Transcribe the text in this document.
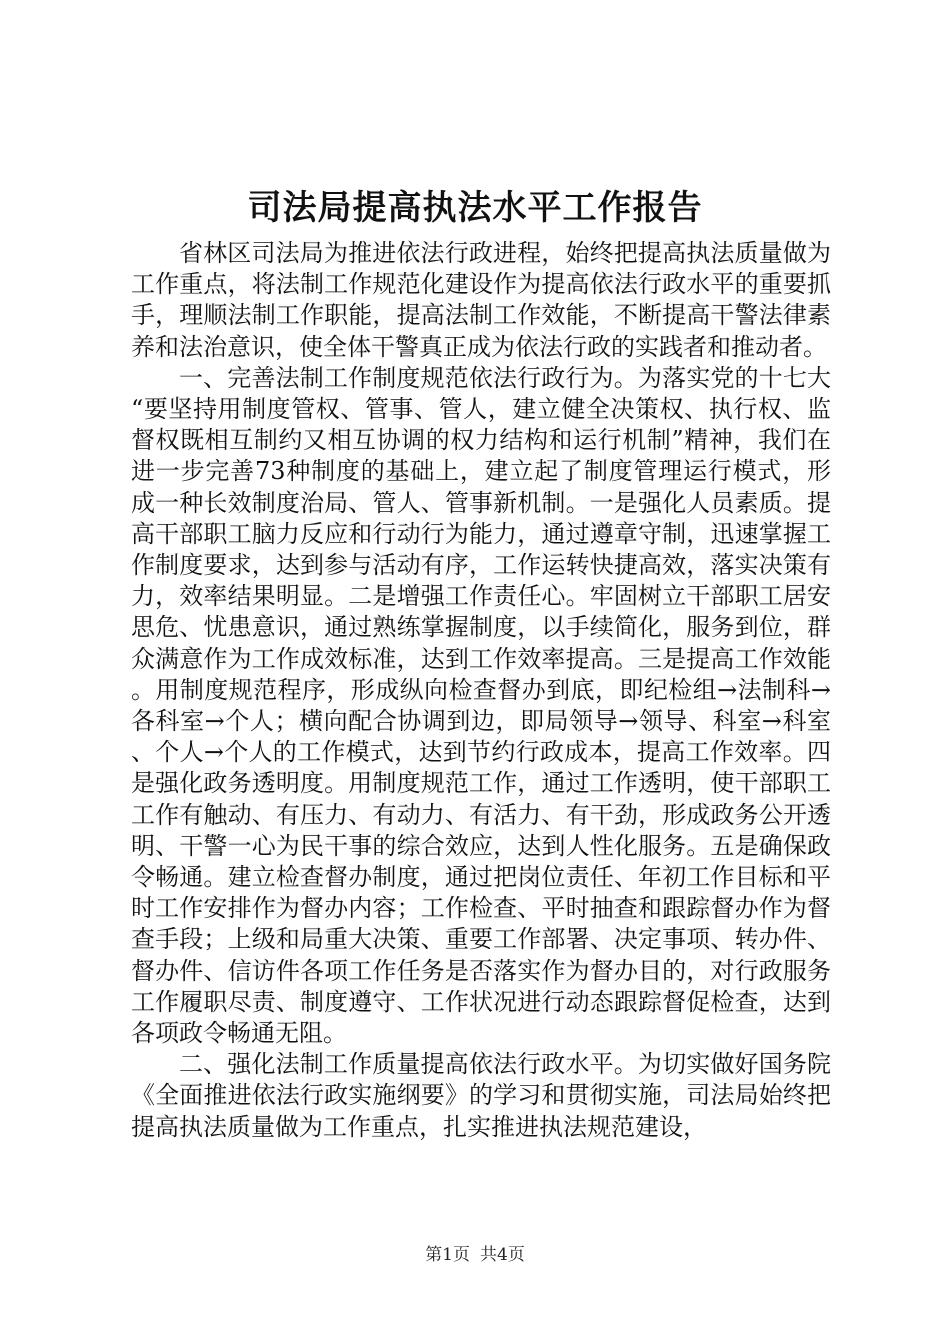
司法局提高执法水平工作报告

省林区司法局为推进依法行政进程，始终把提高执法质量做为工作重点，将法制工作规范化建设作为提高依法行政水平的重要抓手，理顺法制工作职能，提高法制工作效能，不断提高干警法律素养和法治意识，使全体干警真正成为依法行政的实践者和推动者。

一、完善法制工作制度规范依法行政行为。为落实党的十七大“要坚持用制度管权、管事、管人，建立健全决策权、执行权、监督权既相互制约又相互协调的权力结构和运行机制”精神，我们在进一步完善73种制度的基础上，建立起了制度管理运行模式，形成一种长效制度治局、管人、管事新机制。一是强化人员素质。提高干部职工脑力反应和行动行为能力，通过遵章守制，迅速掌握工作制度要求，达到参与活动有序，工作运转快捷高效，落实决策有力，效率结果明显。二是增强工作责任心。牢固树立干部职工居安思危、忧患意识，通过熟练掌握制度，以手续简化，服务到位，群众满意作为工作成效标准，达到工作效率提高。三是提高工作效能。用制度规范程序，形成纵向检查督办到底，即纪检组→法制科→各科室→个人；横向配合协调到边，即局领导→领导、科室→科室、个人→个人的工作模式，达到节约行政成本，提高工作效率。四是强化政务透明度。用制度规范工作，通过工作透明，使干部职工工作有触动、有压力、有动力、有活力、有干劲，形成政务公开透明、干警一心为民干事的综合效应，达到人性化服务。五是确保政令畅通。建立检查督办制度，通过把岗位责任、年初工作目标和平时工作安排作为督办内容；工作检查、平时抽查和跟踪督办作为督查手段；上级和局重大决策、重要工作部署、决定事项、转办件、督办件、信访件各项工作任务是否落实作为督办目的，对行政服务工作履职尽责、制度遵守、工作状况进行动态跟踪督促检查，达到各项政令畅通无阻。

二、强化法制工作质量提高依法行政水平。为切实做好国务院《全面推进依法行政实施纲要》的学习和贯彻实施，司法局始终把提高执法质量做为工作重点，扎实推进执法规范建设，

第1页 共4页
